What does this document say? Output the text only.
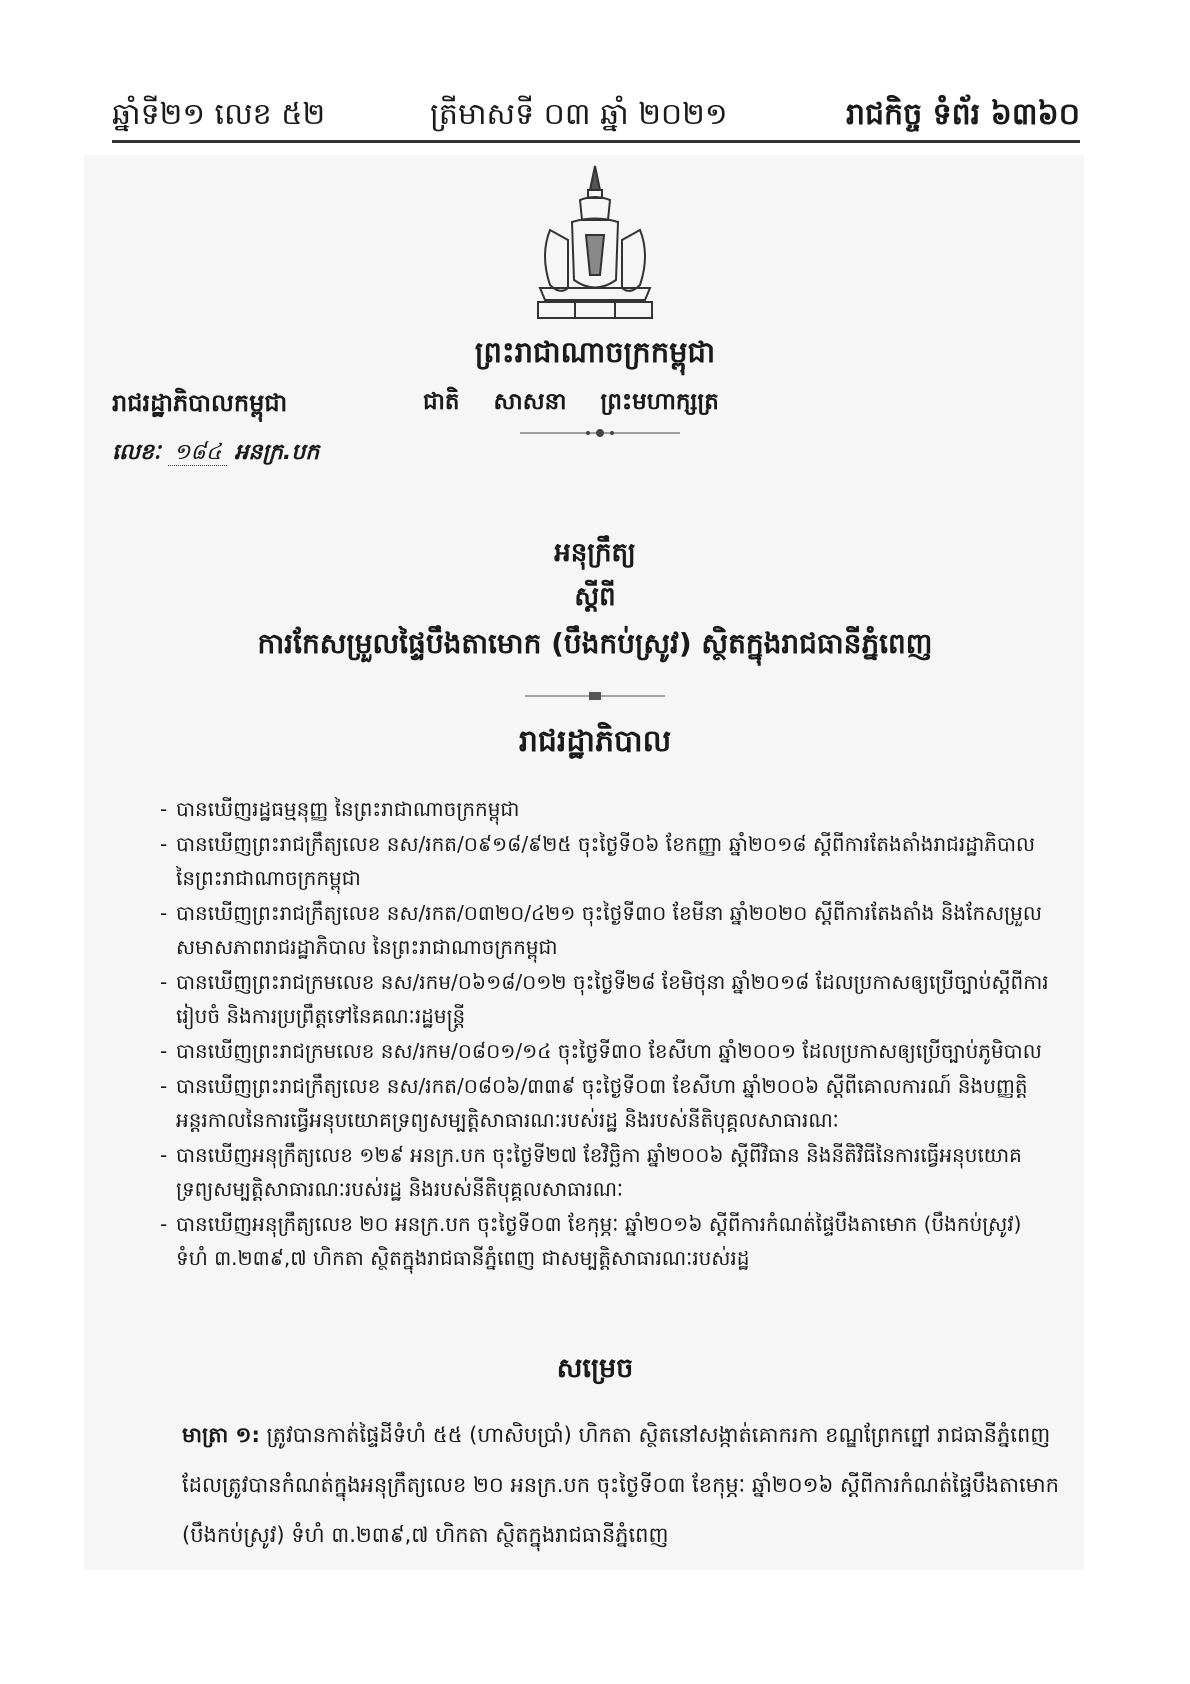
ឆ្នាំទី២១ លេខ ៥២	ត្រីមាសទី ០៣ ឆ្នាំ ២០២១	រាជកិច្ច ទំព័រ ៦៣៦០
ព្រះរាជាណាចក្រកម្ពុជា
រាជរដ្ឋាភិបាលកម្ពុជា	ជាតិ សាសនា ព្រះមហាក្សត្រ
លេខៈ ១៨៤ អនក្រ.បក
អនុក្រឹត្យ
ស្តីពី
ការកែសម្រួលផ្ទៃបឹងតាមោក (បឹងកប់ស្រូវ) ស្ថិតក្នុងរាជធានីភ្នំពេញ
រាជរដ្ឋាភិបាល
- បានឃើញរដ្ឋធម្មនុញ្ញ នៃព្រះរាជាណាចក្រកម្ពុជា
- បានឃើញព្រះរាជក្រឹត្យលេខ នស/រកត/០៩១៨/៩២៥ ចុះថ្ងៃទី០៦ ខែកញ្ញា ឆ្នាំ២០១៨ ស្តីពីការតែងតាំងរាជរដ្ឋាភិបាល នៃព្រះរាជាណាចក្រកម្ពុជា
- បានឃើញព្រះរាជក្រឹត្យលេខ នស/រកត/០៣២០/៤២១ ចុះថ្ងៃទី៣០ ខែមីនា ឆ្នាំ២០២០ ស្តីពីការតែងតាំង និងកែសម្រួលសមាសភាពរាជរដ្ឋាភិបាល នៃព្រះរាជាណាចក្រកម្ពុជា
- បានឃើញព្រះរាជក្រមលេខ នស/រកម/០៦១៨/០១២ ចុះថ្ងៃទី២៨ ខែមិថុនា ឆ្នាំ២០១៨ ដែលប្រកាសឲ្យប្រើច្បាប់ស្តីពីការរៀបចំ និងការប្រព្រឹត្តទៅនៃគណៈរដ្ឋមន្ត្រី
- បានឃើញព្រះរាជក្រមលេខ នស/រកម/០៨០១/១៤ ចុះថ្ងៃទី៣០ ខែសីហា ឆ្នាំ២០០១ ដែលប្រកាសឲ្យប្រើច្បាប់ភូមិបាល
- បានឃើញព្រះរាជក្រឹត្យលេខ នស/រកត/០៨០៦/៣៣៩ ចុះថ្ងៃទី០៣ ខែសីហា ឆ្នាំ២០០៦ ស្តីពីគោលការណ៍ និងបញ្ញត្តិអន្តរកាលនៃការធ្វើអនុបយោគទ្រព្យសម្បត្តិសាធារណៈរបស់រដ្ឋ និងរបស់នីតិបុគ្គលសាធារណៈ
- បានឃើញអនុក្រឹត្យលេខ ១២៩ អនក្រ.បក ចុះថ្ងៃទី២៧ ខែវិច្ឆិកា ឆ្នាំ២០០៦ ស្តីពីវិធាន និងនីតិវិធីនៃការធ្វើអនុបយោគទ្រព្យសម្បត្តិសាធារណៈរបស់រដ្ឋ និងរបស់នីតិបុគ្គលសាធារណៈ
- បានឃើញអនុក្រឹត្យលេខ ២០ អនក្រ.បក ចុះថ្ងៃទី០៣ ខែកុម្ភៈ ឆ្នាំ២០១៦ ស្តីពីការកំណត់ផ្ទៃបឹងតាមោក (បឹងកប់ស្រូវ) ទំហំ ៣.២៣៩,៧ ហិកតា ស្ថិតក្នុងរាជធានីភ្នំពេញ ជាសម្បត្តិសាធារណៈរបស់រដ្ឋ
សម្រេច
មាត្រា ១: ត្រូវបានកាត់ផ្ទៃដីទំហំ ៥៥ (ហាសិបប្រាំ) ហិកតា ស្ថិតនៅសង្កាត់គោករកា ខណ្ឌព្រែកព្នៅ រាជធានីភ្នំពេញ ដែលត្រូវបានកំណត់ក្នុងអនុក្រឹត្យលេខ ២០ អនក្រ.បក ចុះថ្ងៃទី០៣ ខែកុម្ភៈ ឆ្នាំ២០១៦ ស្តីពីការកំណត់ផ្ទៃបឹងតាមោក (បឹងកប់ស្រូវ) ទំហំ ៣.២៣៩,៧ ហិកតា ស្ថិតក្នុងរាជធានីភ្នំពេញ
